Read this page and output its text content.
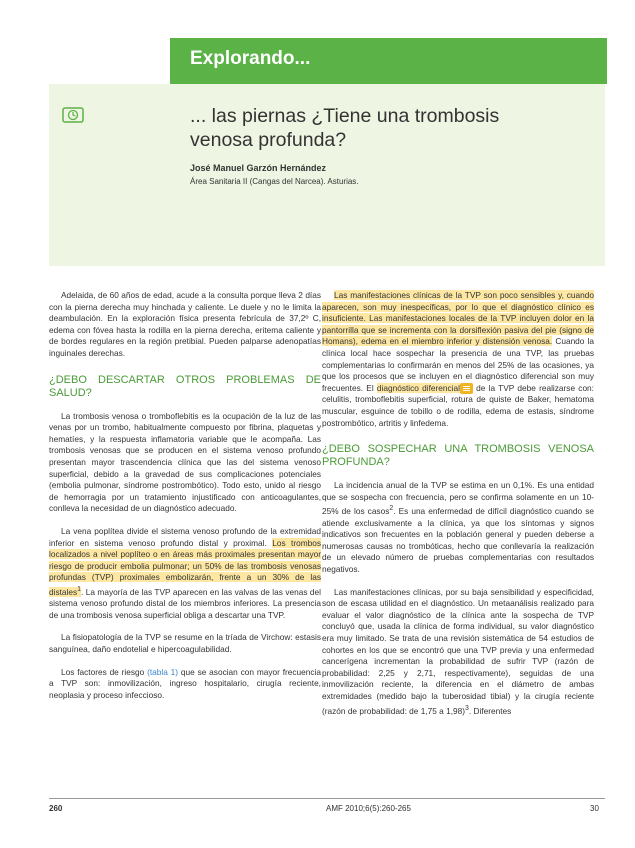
Explorando...
... las piernas ¿Tiene una trombosis venosa profunda?
José Manuel Garzón Hernández
Área Sanitaria II (Cangas del Narcea). Asturias.

Adelaida, de 60 años de edad, acude a la consulta porque lleva 2 días con la pierna derecha muy hinchada y caliente. Le duele y no le limita la deambulación. En la exploración física presenta febrícula de 37,2º C, edema con fóvea hasta la rodilla en la pierna derecha, eritema caliente y de bordes regulares en la región pretibial. Pueden palparse adenopatías inguinales derechas.

¿DEBO DESCARTAR OTROS PROBLEMAS DE SALUD?

La trombosis venosa o tromboflebitis es la ocupación de la luz de las venas por un trombo, habitualmente compuesto por fibrina, plaquetas y hematíes, y la respuesta inflamatoria variable que le acompaña. Las trombosis venosas que se producen en el sistema venoso profundo presentan mayor trascendencia clínica que las del sistema venoso superficial, debido a la gravedad de sus complicaciones potenciales (embolia pulmonar, síndrome postrombótico). Todo esto, unido al riesgo de hemorragia por un tratamiento injustificado con anticoagulantes, conlleva la necesidad de un diagnóstico adecuado.

La vena poplítea divide el sistema venoso profundo de la extremidad inferior en sistema venoso profundo distal y proximal. Los trombos localizados a nivel poplíteo o en áreas más proximales presentan mayor riesgo de producir embolia pulmonar; un 50% de las trombosis venosas profundas (TVP) proximales embolizarán, frente a un 30% de las distales$^1$. La mayoría de las TVP aparecen en las valvas de las venas del sistema venoso profundo distal de los miembros inferiores. La presencia de una trombosis venosa superficial obliga a descartar una TVP.

La fisiopatología de la TVP se resume en la tríada de Virchow: estasis sanguínea, daño endotelial e hipercoagulabilidad.

Los factores de riesgo (tabla 1) que se asocian con mayor frecuencia a TVP son: inmovilización, ingreso hospitalario, cirugía reciente, neoplasia y proceso infeccioso.

Las manifestaciones clínicas de la TVP son poco sensibles y, cuando aparecen, son muy inespecíficas, por lo que el diagnóstico clínico es insuficiente. Las manifestaciones locales de la TVP incluyen dolor en la pantorrilla que se incrementa con la dorsiflexión pasiva del pie (signo de Homans), edema en el miembro inferior y distensión venosa. Cuando la clínica local hace sospechar la presencia de una TVP, las pruebas complementarias lo confirmarán en menos del 25% de las ocasiones, ya que los procesos que se incluyen en el diagnóstico diferencial son muy frecuentes. El diagnóstico diferencial de la TVP debe realizarse con: celulitis, tromboflebitis superficial, rotura de quiste de Baker, hematoma muscular, esguince de tobillo o de rodilla, edema de estasis, síndrome postrombótico, artritis y linfedema.

¿DEBO SOSPECHAR UNA TROMBOSIS VENOSA PROFUNDA?

La incidencia anual de la TVP se estima en un 0,1%. Es una entidad que se sospecha con frecuencia, pero se confirma solamente en un 10-25% de los casos$^2$. Es una enfermedad de difícil diagnóstico cuando se atiende exclusivamente a la clínica, ya que los síntomas y signos indicativos son frecuentes en la población general y pueden deberse a numerosas causas no trombóticas, hecho que conllevaría la realización de un elevado número de pruebas complementarias con resultados negativos.

Las manifestaciones clínicas, por su baja sensibilidad y especificidad, son de escasa utilidad en el diagnóstico. Un metaanálisis realizado para evaluar el valor diagnóstico de la clínica ante la sospecha de TVP concluyó que, usada la clínica de forma individual, su valor diagnóstico era muy limitado. Se trata de una revisión sistemática de 54 estudios de cohortes en los que se encontró que una TVP previa y una enfermedad cancerígena incrementan la probabilidad de sufrir TVP (razón de probabilidad: 2,25 y 2,71, respectivamente), seguidas de una inmovilización reciente, la diferencia en el diámetro de ambas extremidades (medido bajo la tuberosidad tibial) y la cirugía reciente (razón de probabilidad: de 1,75 a 1,98)$^3$. Diferentes

260	AMF 2010;6(5):260-265	30
